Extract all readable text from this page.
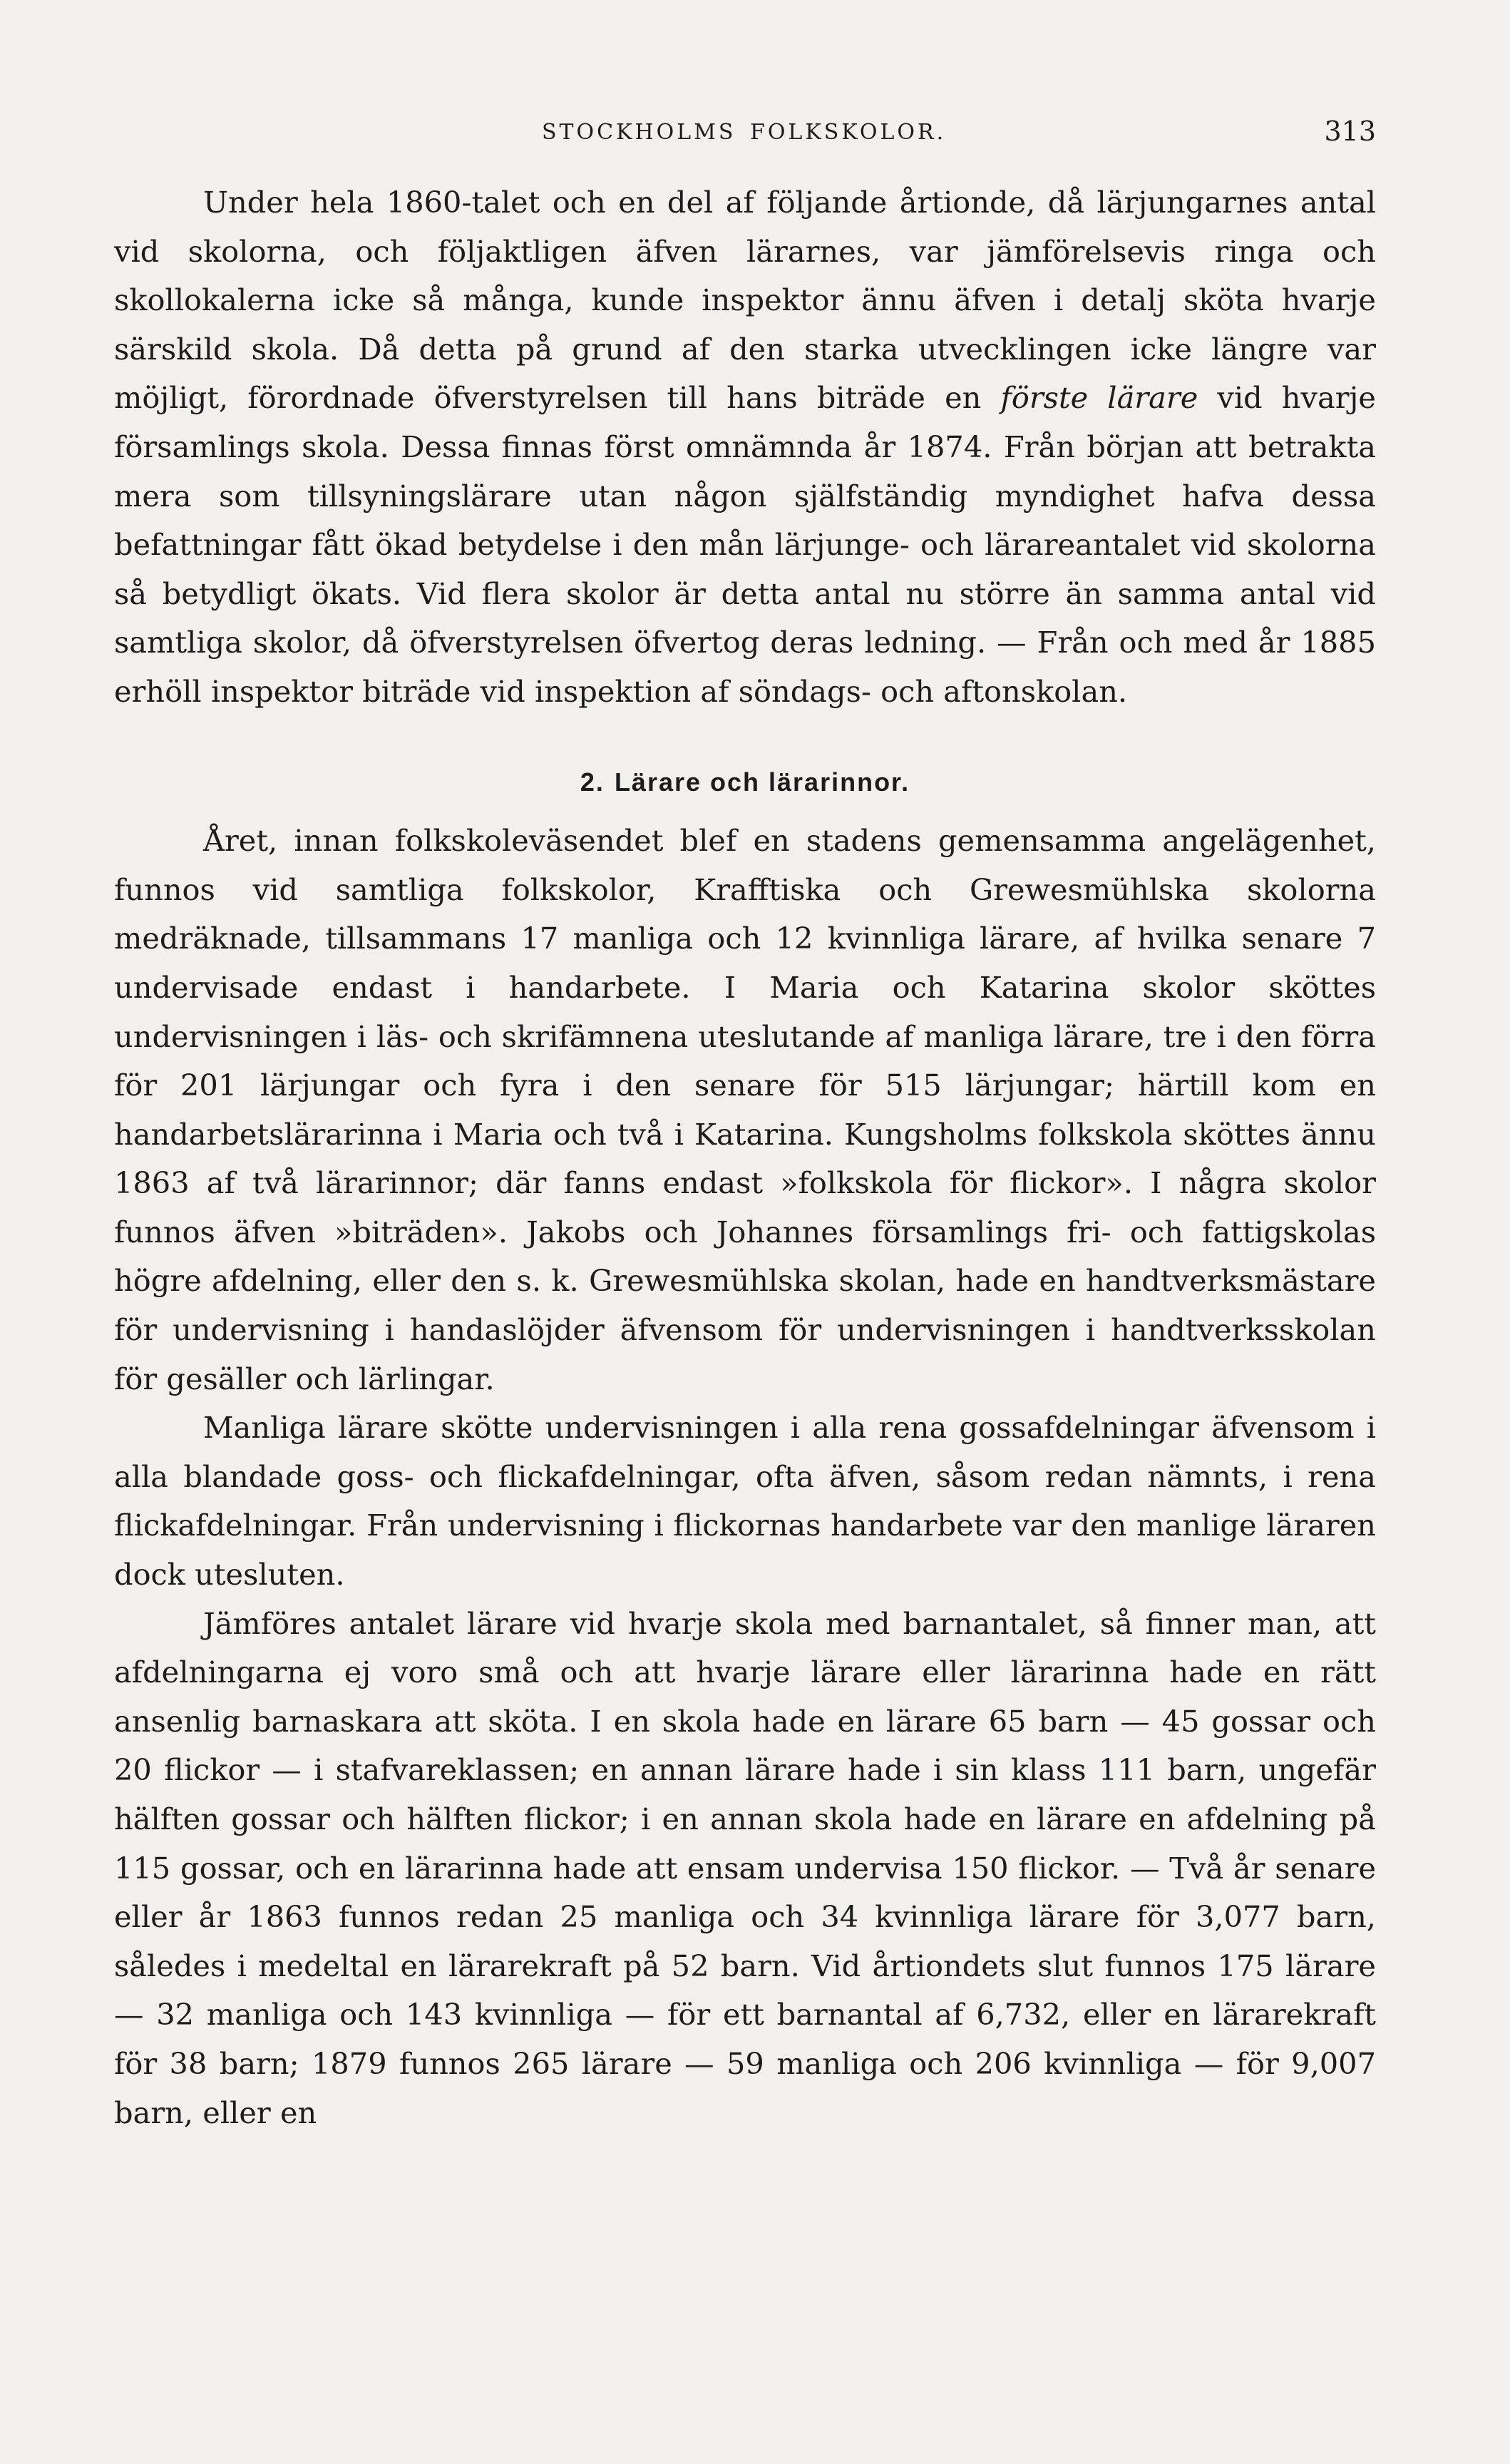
STOCKHOLMS FOLKSKOLOR.	313

Under hela 1860-talet och en del af följande årtionde, då lärjungarnes antal vid skolorna, och följaktligen äfven lärarnes, var jämförelsevis ringa och skollokalerna icke så många, kunde inspektor ännu äfven i detalj sköta hvarje särskild skola. Då detta på grund af den starka utvecklingen icke längre var möjligt, förordnade öfverstyrelsen till hans biträde en förste lärare vid hvarje församlings skola. Dessa finnas först omnämnda år 1874. Från början att betrakta mera som tillsyningslärare utan någon själfständig myndighet hafva dessa befattningar fått ökad betydelse i den mån lärjunge- och lärareantalet vid skolorna så betydligt ökats. Vid flera skolor är detta antal nu större än samma antal vid samtliga skolor, då öfverstyrelsen öfvertog deras ledning. — Från och med år 1885 erhöll inspektor biträde vid inspektion af söndags- och aftonskolan.

2. Lärare och lärarinnor.

Året, innan folkskoleväsendet blef en stadens gemensamma angelägenhet, funnos vid samtliga folkskolor, Krafftiska och Grewesmühlska skolorna medräknade, tillsammans 17 manliga och 12 kvinnliga lärare, af hvilka senare 7 undervisade endast i handarbete. I Maria och Katarina skolor sköttes undervisningen i läs- och skrifämnena uteslutande af manliga lärare, tre i den förra för 201 lärjungar och fyra i den senare för 515 lärjungar; härtill kom en handarbetslärarinna i Maria och två i Katarina. Kungsholms folkskola sköttes ännu 1863 af två lärarinnor; där fanns endast »folkskola för flickor». I några skolor funnos äfven »biträden». Jakobs och Johannes församlings fri- och fattigskolas högre afdelning, eller den s. k. Grewesmühlska skolan, hade en handtverksmästare för undervisning i handaslöjder äfvensom för undervisningen i handtverksskolan för gesäller och lärlingar.

Manliga lärare skötte undervisningen i alla rena gossafdelningar äfvensom i alla blandade goss- och flickafdelningar, ofta äfven, såsom redan nämnts, i rena flickafdelningar. Från undervisning i flickornas handarbete var den manlige läraren dock utesluten.

Jämföres antalet lärare vid hvarje skola med barnantalet, så finner man, att afdelningarna ej voro små och att hvarje lärare eller lärarinna hade en rätt ansenlig barnaskara att sköta. I en skola hade en lärare 65 barn — 45 gossar och 20 flickor — i stafvareklassen; en annan lärare hade i sin klass 111 barn, ungefär hälften gossar och hälften flickor; i en annan skola hade en lärare en afdelning på 115 gossar, och en lärarinna hade att ensam undervisa 150 flickor. — Två år senare eller år 1863 funnos redan 25 manliga och 34 kvinnliga lärare för 3,077 barn, således i medeltal en lärarekraft på 52 barn. Vid årtiondets slut funnos 175 lärare — 32 manliga och 143 kvinnliga — för ett barnantal af 6,732, eller en lärarekraft för 38 barn; 1879 funnos 265 lärare — 59 manliga och 206 kvinnliga — för 9,007 barn, eller en
